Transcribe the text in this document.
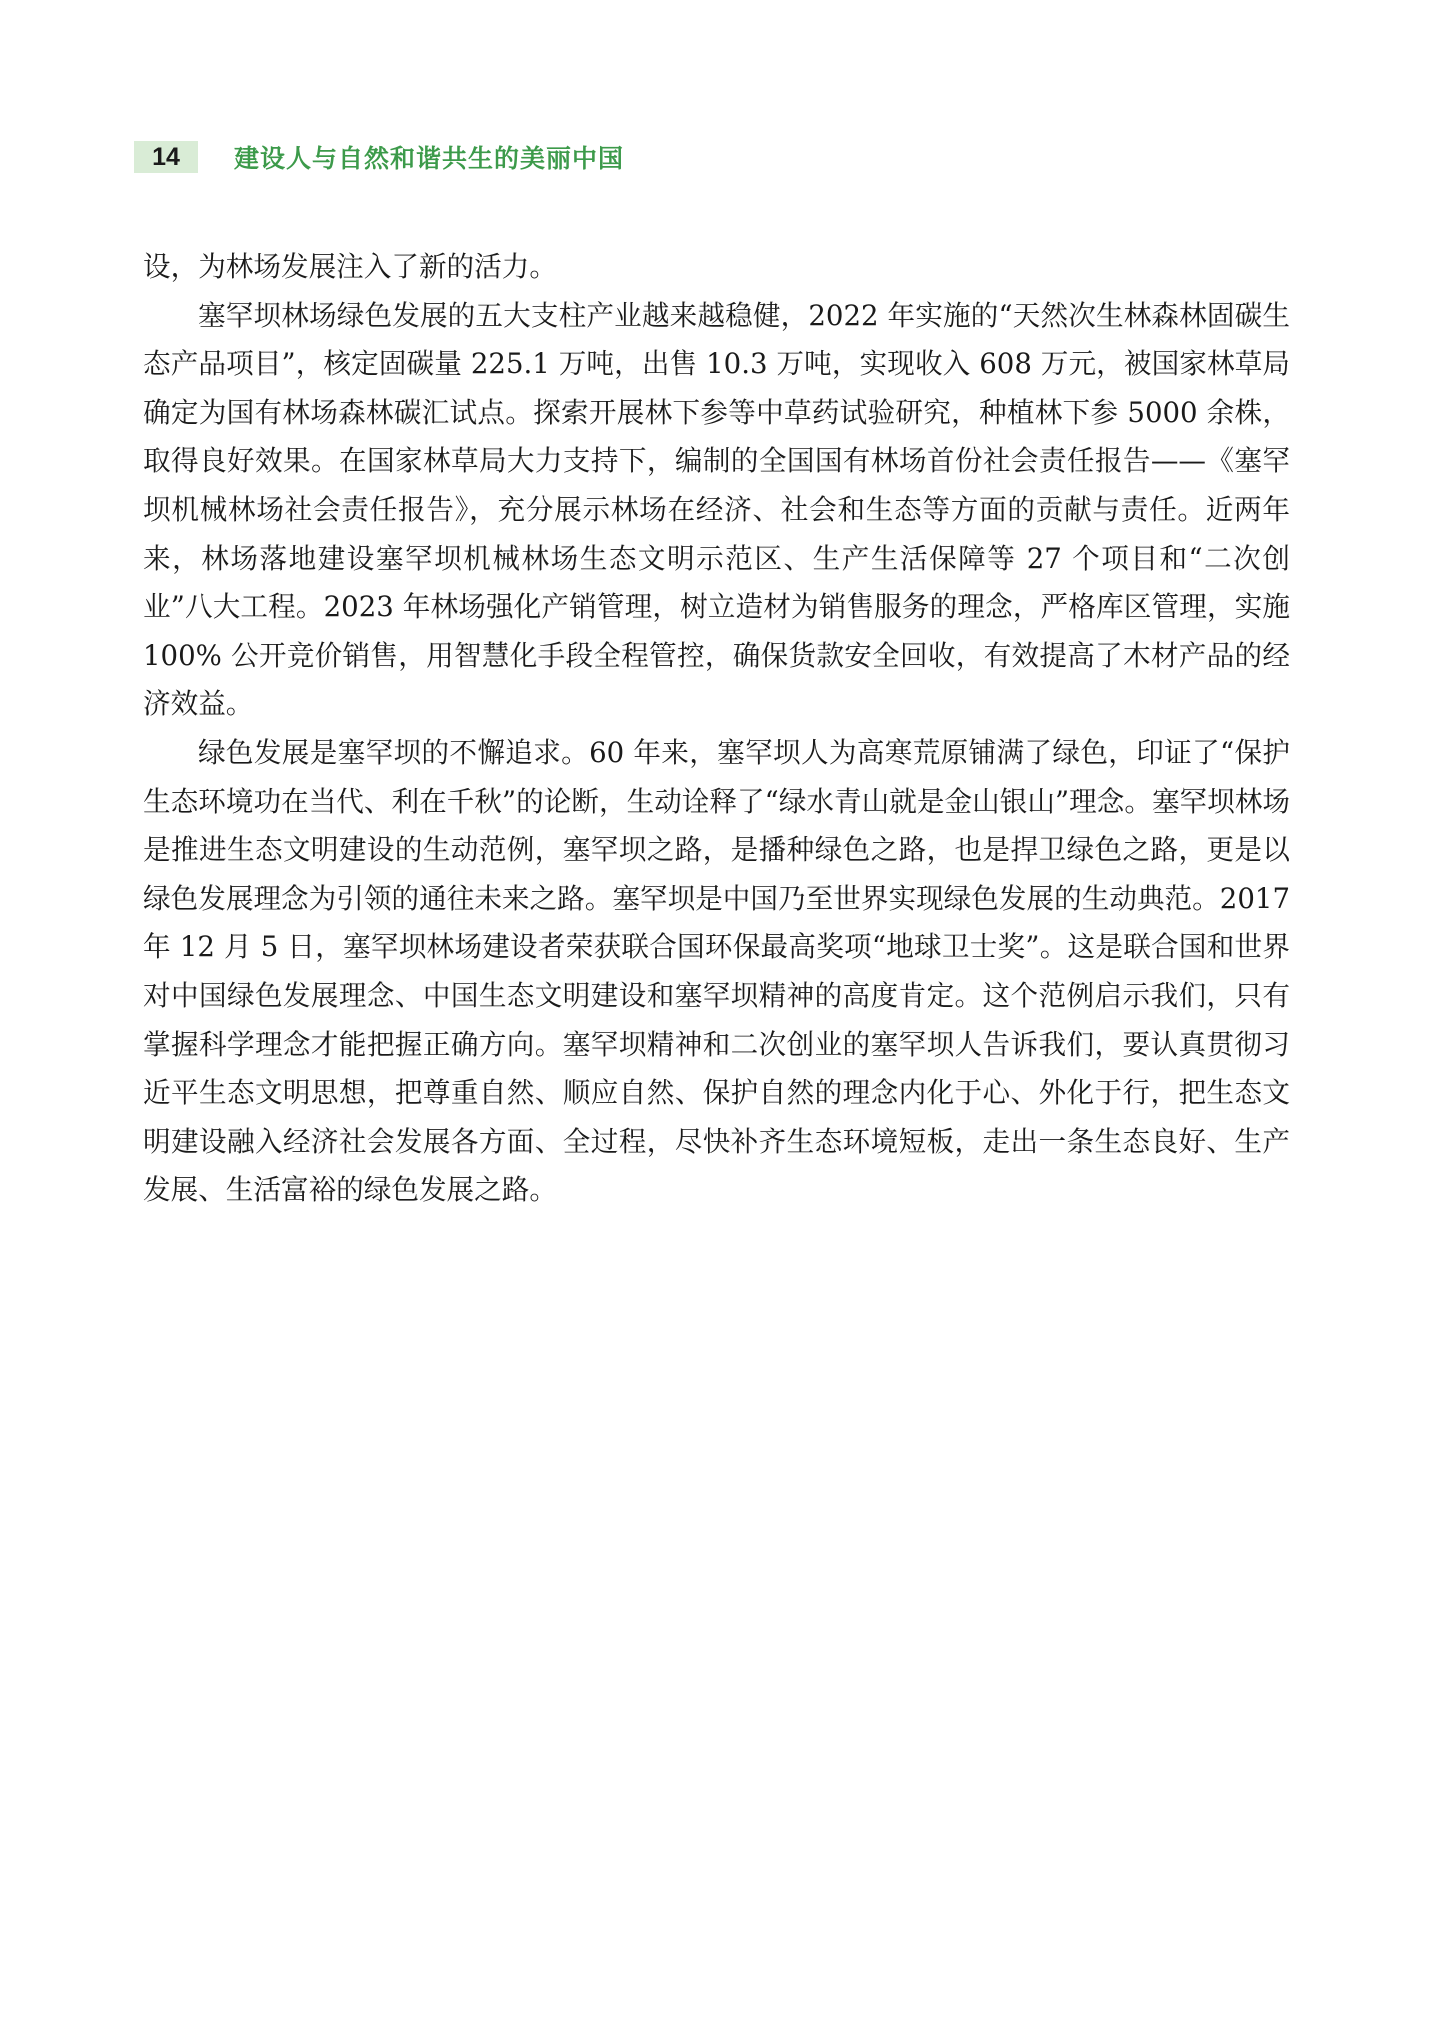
14	建设人与自然和谐共生的美丽中国

设，为林场发展注入了新的活力。

塞罕坝林场绿色发展的五大支柱产业越来越稳健，2022 年实施的“天然次生林森林固碳生态产品项目”，核定固碳量 225.1 万吨，出售 10.3 万吨，实现收入 608 万元，被国家林草局确定为国有林场森林碳汇试点。探索开展林下参等中草药试验研究，种植林下参 5000 余株，取得良好效果。在国家林草局大力支持下，编制的全国国有林场首份社会责任报告——《塞罕坝机械林场社会责任报告》，充分展示林场在经济、社会和生态等方面的贡献与责任。近两年来，林场落地建设塞罕坝机械林场生态文明示范区、生产生活保障等 27 个项目和“二次创业”八大工程。2023 年林场强化产销管理，树立造材为销售服务的理念，严格库区管理，实施 100% 公开竞价销售，用智慧化手段全程管控，确保货款安全回收，有效提高了木材产品的经济效益。

绿色发展是塞罕坝的不懈追求。60 年来，塞罕坝人为高寒荒原铺满了绿色，印证了“保护生态环境功在当代、利在千秋”的论断，生动诠释了“绿水青山就是金山银山”理念。塞罕坝林场是推进生态文明建设的生动范例，塞罕坝之路，是播种绿色之路，也是捍卫绿色之路，更是以绿色发展理念为引领的通往未来之路。塞罕坝是中国乃至世界实现绿色发展的生动典范。2017 年 12 月 5 日，塞罕坝林场建设者荣获联合国环保最高奖项“地球卫士奖”。这是联合国和世界对中国绿色发展理念、中国生态文明建设和塞罕坝精神的高度肯定。这个范例启示我们，只有掌握科学理念才能把握正确方向。塞罕坝精神和二次创业的塞罕坝人告诉我们，要认真贯彻习近平生态文明思想，把尊重自然、顺应自然、保护自然的理念内化于心、外化于行，把生态文明建设融入经济社会发展各方面、全过程，尽快补齐生态环境短板，走出一条生态良好、生产发展、生活富裕的绿色发展之路。
